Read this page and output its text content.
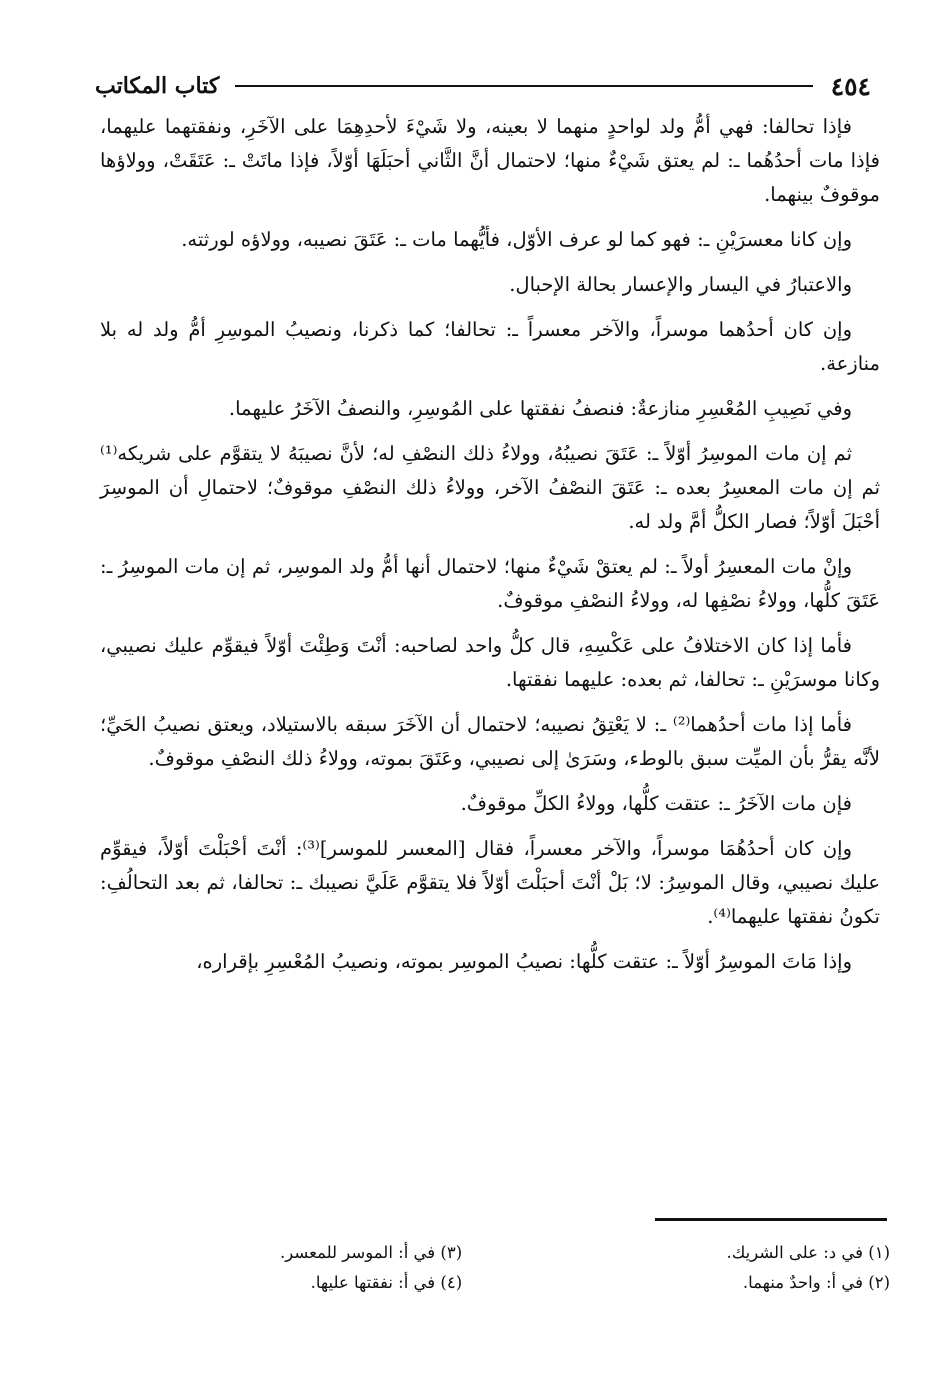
٤٥٤
كتاب المكاتب

فإذا تحالفا: فهي أمُّ ولد لواحدٍ منهما لا بعينه، ولا شَيْءَ لأحدِهِمَا على الآخَرِ، ونفقتهما عليهما، فإذا مات أحدُهُما ـ: لم يعتق شَيْءٌ منها؛ لاحتمال أنَّ الثَّاني أحبَلَهَا أوّلاً، فإذا ماتَتْ ـ: عَتَقَتْ، وولاؤها موقوفٌ بينهما.

وإن كانا معسرَيْنِ ـ: فهو كما لو عرف الأوّل، فأيُّهما مات ـ: عَتَقَ نصيبه، وولاؤه لورثته.

والاعتبارُ في اليسار والإعسار بحالة الإحبال.

وإن كان أحدُهما موسراً، والآخر معسراً ـ: تحالفا؛ كما ذكرنا، ونصيبُ الموسِرِ أمُّ ولد له بلا منازعة.

وفي نَصِيبِ المُعْسِرِ منازعةٌ: فنصفُ نفقتها على المُوسِرِ، والنصفُ الآخَرُ عليهما.

ثم إن مات الموسِرُ أوّلاً ـ: عَتَقَ نصيبُهُ، وولاءُ ذلك النصْفِ له؛ لأنَّ نصيبَهُ لا يتقوَّم على شريكه⁽¹⁾ ثم إن مات المعسِرُ بعده ـ: عَتَقَ النصْفُ الآخر، وولاءُ ذلك النصْفِ موقوفٌ؛ لاحتمالِ أن الموسِرَ أحْبَلَ أوّلاً؛ فصار الكلُّ أمَّ ولد له.

وإنْ مات المعسِرُ أولاً ـ: لم يعتقْ شَيْءٌ منها؛ لاحتمال أنها أمُّ ولد الموسِر، ثم إن مات الموسِرُ ـ: عَتَقَ كلُّها، وولاءُ نصْفِها له، وولاءُ النصْفِ موقوفٌ.

فأما إذا كان الاختلافُ على عَكْسِهِ، قال كلُّ واحد لصاحبه: أنْتَ وَطِئْتَ أوّلاً فيقوِّم عليك نصيبي، وكانا موسرَيْنِ ـ: تحالفا، ثم بعده: عليهما نفقتها.

فأما إذا مات أحدُهما⁽²⁾ ـ: لا يَعْتِقُ نصيبه؛ لاحتمال أن الآخَرَ سبقه بالاستيلاد، ويعتق نصيبُ الحَيِّ؛ لأنَّه يقرُّ بأن الميِّت سبق بالوطء، وسَرَىٰ إلى نصيبي، وعَتَقَ بموته، وولاءُ ذلك النصْفِ موقوفٌ.

فإن مات الآخَرُ ـ: عتقت كلُّها، وولاءُ الكلِّ موقوفٌ.

وإن كان أحدُهُمَا موسراً، والآخر معسراً، فقال [المعسر للموسر]⁽³⁾: أنْتَ أحْبَلْتَ أوّلاً، فيقوِّم عليك نصيبي، وقال الموسِرُ: لا؛ بَلْ أنْتَ أحبَلْتَ أوّلاً فلا يتقوَّم عَلَيَّ نصيبك ـ: تحالفا، ثم بعد التحالُفِ: تكونُ نفقتها عليهما⁽⁴⁾.

وإذا مَاتَ الموسِرُ أوّلاً ـ: عتقت كلُّها: نصيبُ الموسِر بموته، ونصيبُ المُعْسِرِ بإقراره،

(١) في د: على الشريك.
(٢) في أ: واحدٌ منهما.
(٣) في أ: الموسر للمعسر.
(٤) في أ: نفقتها عليها.
